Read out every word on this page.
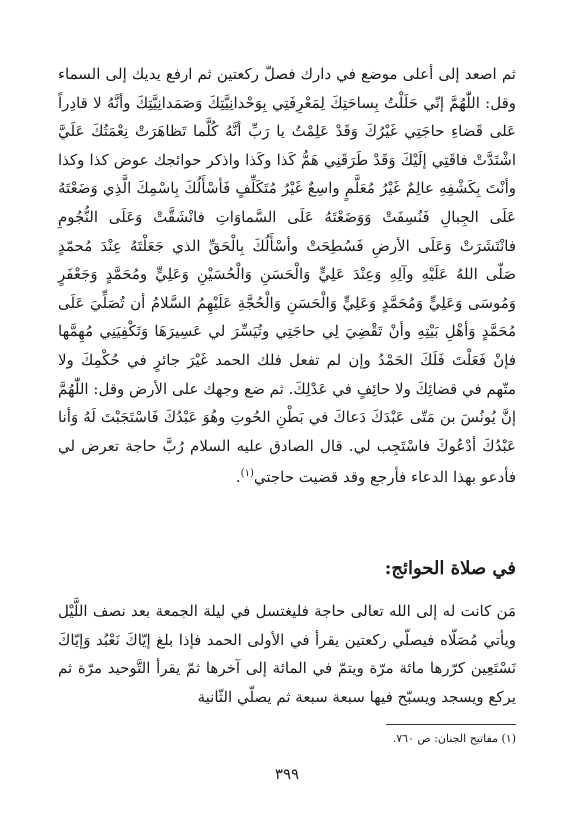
ثم اصعد إلى أعلى موضع في دارك فصلّ ركعتين ثم ارفع يديك إلى السماء وقل: اللّٰهُمَّ إنّي حَلَلْتُ بِساحَتِكَ لِمَعْرِفَتِي بِوَحْدانِيَّتِكَ وَصَمَدانِيَّتِكَ وأنَّهُ لا قادِراً عَلى قَضاءِ حاجَتِي غَيْرُكَ وَقَدْ عَلِمْتُ يا رَبِّ أنَّهُ كُلَّما تَظاهَرَتْ نِعْمَتُكَ عَلَيَّ اشْتَدَّتْ فاقَتِي إلَيْكَ وَقَدْ طَرَقَنِي هَمُّ كَذا وكَذا واذكر حوائجك عوض كذا وكذا وأنْتَ بِكَشْفِهِ عالِمٌ غَيْرُ مُعَلَّمٍ واسِعٌ غَيْرُ مُتَكَلِّفٍ فَأسْأَلُكَ بِاسْمِكَ الَّذِي وَضَعْتَهُ عَلَى الجِبالِ فَنُسِفَتْ وَوَضَعْتَهُ عَلَى السَّماوَاتِ فانْشَقَّتْ وَعَلَى النُّجُومِ فانْتَشَرَتْ وَعَلَى الأرضِ فَسُطِحَتْ وأسْأَلُكَ بِالْحَقِّ الذي جَعَلْتَهُ عِنْدَ مُحمّدٍ صَلّى اللهُ عَلَيْهِ وآلِهِ وَعِنْدَ عَلِيٍّ وَالْحَسَنِ وَالْحُسَيْنِ وَعَلِيٍّ ومُحَمَّدٍ وَجَعْفَرٍ وَمُوسَى وَعَلِيٍّ وَمُحَمَّدٍ وَعَلِيٍّ وَالْحَسَنِ وَالْحُجَّةِ عَلَيْهِمُ السَّلامُ أن تُصَلِّيَ عَلَى مُحَمَّدٍ وَأهْلِ بَيْتِهِ وأنْ تَقْضِيَ لِي حاجَتِي وتُيَسِّرَ لي عَسِيرَهَا وَتَكْفِيَنِي مُهِمَّها فإنْ فَعَلْتَ فَلَكَ الحَمْدُ وإن لم تفعل فلك الحمد غَيْرَ جائرٍ في حُكْمِكَ ولا متّهم في قضائِكَ ولا حائِفٍ في عَدْلِكَ. ثم ضع وجهك على الأرض وقل: اللّٰهُمَّ إنَّ يُونُسَ بن مَتّى عَبْدَكَ دَعاكَ في بَطْنِ الحُوتِ وهُوَ عَبْدُكَ فَاسْتَجَبْتَ لَهُ وَأنا عَبْدُكَ أدْعُوكَ فاسْتَجِب لي. قال الصادق عليه السلام رُبَّ حاجة تعرض لي فأدعو بهذا الدعاء فأرجع وقد قضيت حاجتي$^{(١)}$.

في صلاة الحوائج:

مَن كانت له إلى الله تعالى حاجة فليغتسل في ليلة الجمعة بعد نصف اللَّيْل ويأتي مُصَلّاه فيصلّي ركعتين يقرأ في الأولى الحمد فإذا بلغ إيّاكَ نَعْبُد وَإيّاكَ نَسْتَعِين كرّرها مائة مرّة ويتمّ في المائة إلى آخرها ثمّ يقرأ التَّوحيد مرّة ثم يركع ويسجد ويسبّح فيها سبعة سبعة ثم يصلّي الثّانية

(١) مفاتيح الجنان: ص ٧٦٠.

٣٩٩
